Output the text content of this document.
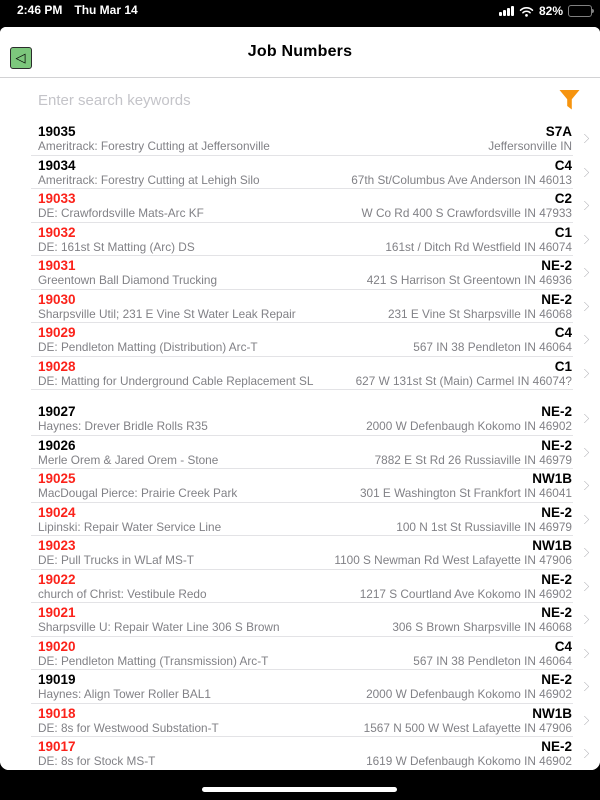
2:46 PM Thu Mar 14	82%
◁	Job Numbers
Enter search keywords
19035
Ameritrack: Forestry Cutting at Jeffersonville
S7A
Jeffersonville IN
19034
Ameritrack: Forestry Cutting at Lehigh Silo
C4
67th St/Columbus Ave Anderson IN 46013
19033
DE: Crawfordsville Mats-Arc KF
C2
W Co Rd 400 S Crawfordsville IN 47933
19032
DE: 161st St Matting (Arc) DS
C1
161st / Ditch Rd Westfield IN 46074
19031
Greentown Ball Diamond Trucking
NE-2
421 S Harrison St Greentown IN 46936
19030
Sharpsville Util; 231 E Vine St Water Leak Repair
NE-2
231 E Vine St Sharpsville IN 46068
19029
DE: Pendleton Matting (Distribution) Arc-T
C4
567 IN 38 Pendleton IN 46064
19028
DE: Matting for Underground Cable Replacement SL
C1
627 W 131st St (Main) Carmel IN 46074?
19027
Haynes: Drever Bridle Rolls R35
NE-2
2000 W Defenbaugh Kokomo IN 46902
19026
Merle Orem & Jared Orem - Stone
NE-2
7882 E St Rd 26 Russiaville IN 46979
19025
MacDougal Pierce: Prairie Creek Park
NW1B
301 E Washington St Frankfort IN 46041
19024
Lipinski: Repair Water Service Line
NE-2
100 N 1st St Russiaville IN 46979
19023
DE: Pull Trucks in WLaf MS-T
NW1B
1100 S Newman Rd West Lafayette IN 47906
19022
church of Christ: Vestibule Redo
NE-2
1217 S Courtland Ave Kokomo IN 46902
19021
Sharpsville U: Repair Water Line 306 S Brown
NE-2
306 S Brown Sharpsville IN 46068
19020
DE: Pendleton Matting (Transmission) Arc-T
C4
567 IN 38 Pendleton IN 46064
19019
Haynes: Align Tower Roller BAL1
NE-2
2000 W Defenbaugh Kokomo IN 46902
19018
DE: 8s for Westwood Substation-T
NW1B
1567 N 500 W West Lafayette IN 47906
19017
DE: 8s for Stock MS-T
NE-2
1619 W Defenbaugh Kokomo IN 46902
